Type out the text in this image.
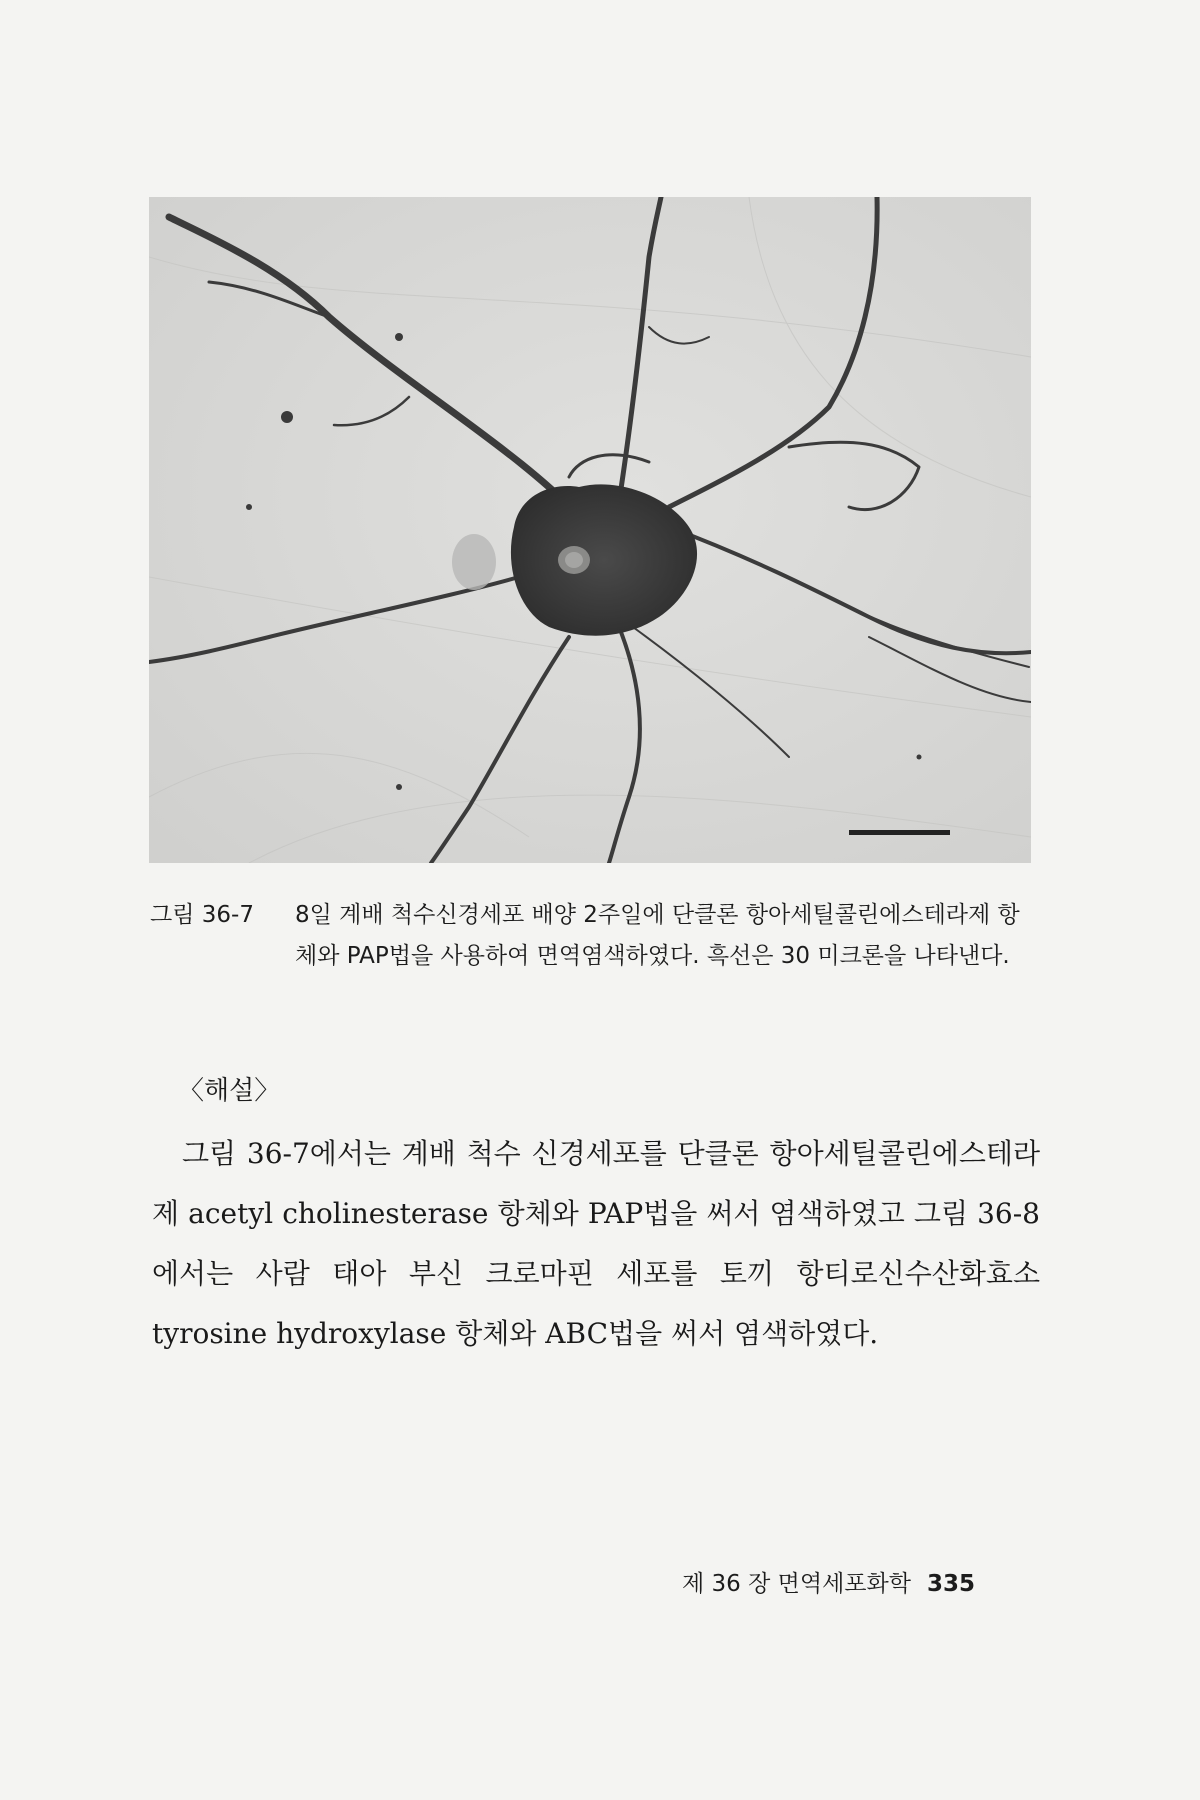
그림 36-7 8일 계배 척수신경세포 배양 2주일에 단클론 항아세틸콜린에스테라제 항체와 PAP법을 사용하여 면역염색하였다. 흑선은 30 미크론을 나타낸다.
〈해설〉

그림 36-7에서는 계배 척수 신경세포를 단클론 항아세틸콜린에스테라제 acetyl cholinesterase 항체와 PAP법을 써서 염색하였고 그림 36-8에서는 사람 태아 부신 크로마핀 세포를 토끼 항티로신수산화효소 tyrosine hydroxylase 항체와 ABC법을 써서 염색하였다.

제 36 장 면역세포화학 335
